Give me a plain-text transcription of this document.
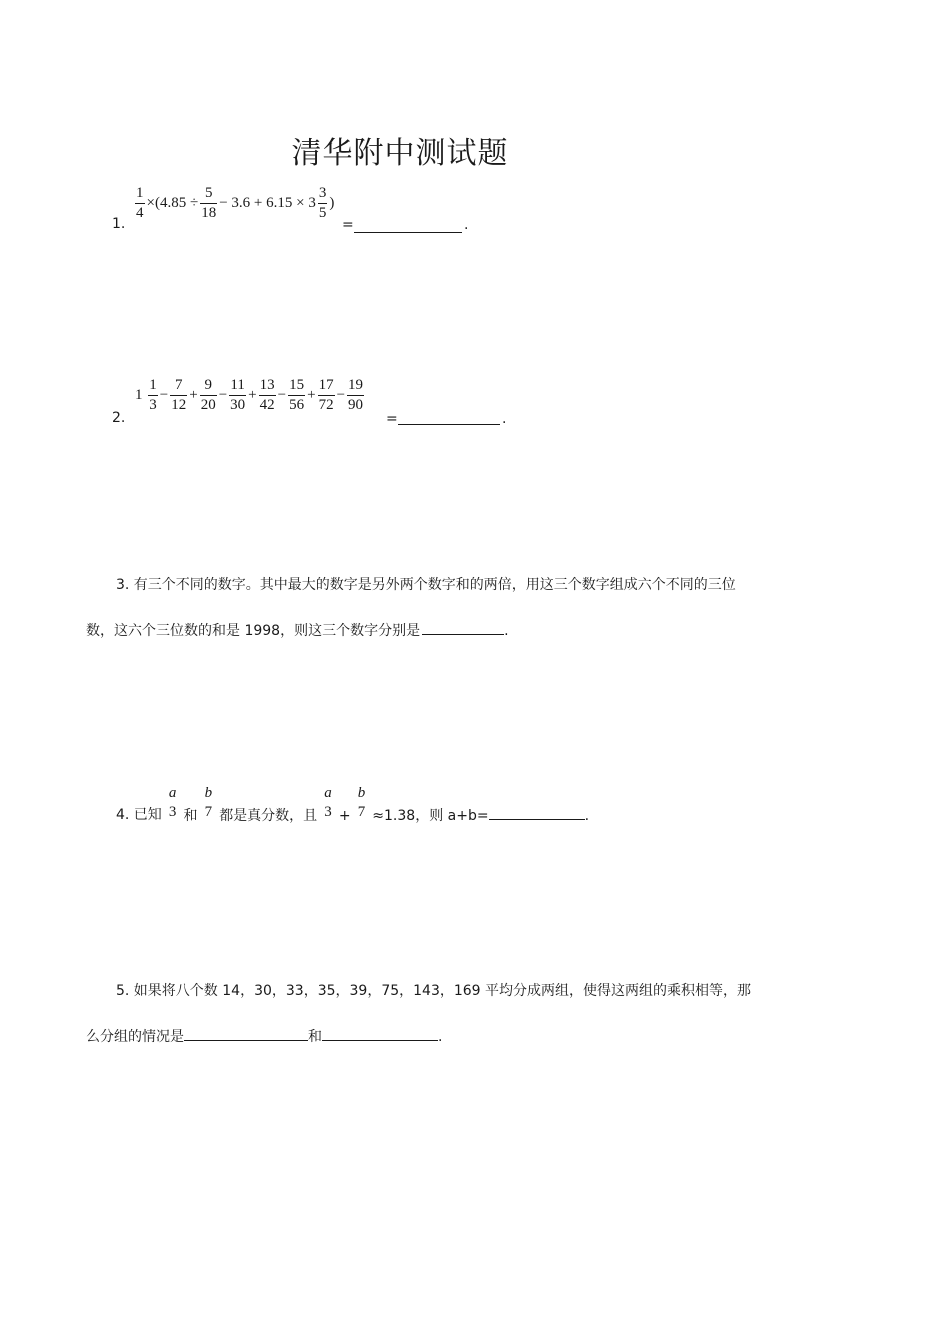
清华附中测试题
1.
$\frac{1}{4} \times(4.85 \div \frac{5}{18} - 3.6 + 6.15 \times 3 \frac{3}{5}$ )
=	.
2.
$1 \frac{1}{3} - \frac{7}{12} + \frac{9}{20} - \frac{11}{30} + \frac{13}{42} - \frac{15}{56} + \frac{17}{72} - \frac{19}{90}$
=	.
3. 有三个不同的数字。其中最大的数字是另外两个数字和的两倍，用这三个数字组成六个不同的三位
数，这六个三位数的和是 1998，则这三个数字分别是	.
4. 已知
a
3 和
b
7 都是真分数，且
a
3 +
b
7 ≈1.38，则 a+b=	.
5. 如果将八个数 14，30，33，35，39，75，143，169 平均分成两组，使得这两组的乘积相等，那
么分组的情况是	和	.
